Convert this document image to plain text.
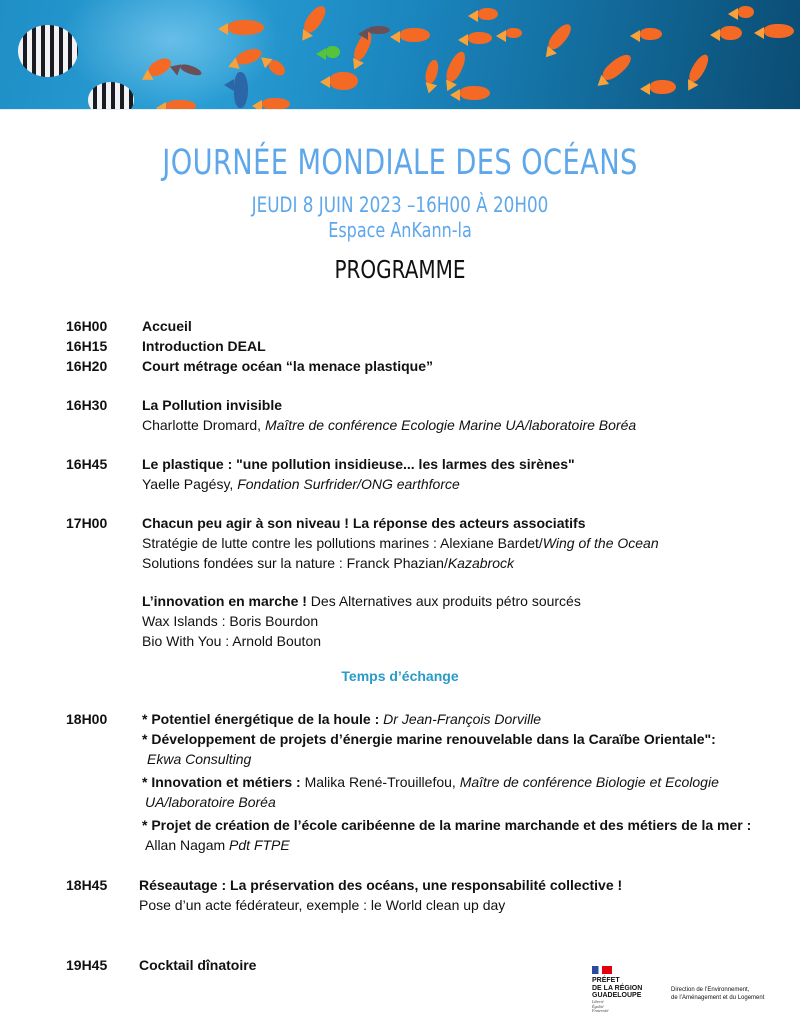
JOURNÉE MONDIALE DES OCÉANS
JEUDI 8 JUIN 2023 –16H00 À 20H00
Espace AnKann-la
PROGRAMME
16H00 Accueil
16H15 Introduction DEAL
16H20 Court métrage océan “la menace plastique”
16H30 La Pollution invisible
Charlotte Dromard, Maître de conférence Ecologie Marine UA/laboratoire Boréa
16H45 Le plastique : "une pollution insidieuse... les larmes des sirènes"
Yaelle Pagésy, Fondation Surfrider/ONG earthforce
17H00 Chacun peu agir à son niveau ! La réponse des acteurs associatifs
Stratégie de lutte contre les pollutions marines : Alexiane Bardet/Wing of the Ocean
Solutions fondées sur la nature : Franck Phazian/Kazabrock
L’innovation en marche ! Des Alternatives aux produits pétro sourcés
Wax Islands : Boris Bourdon
Bio With You : Arnold Bouton
Temps d’échange
18H00 * Potentiel énergétique de la houle : Dr Jean-François Dorville
* Développement de projets d’énergie marine renouvelable dans la Caraïbe Orientale":
Ekwa Consulting
* Innovation et métiers : Malika René-Trouillefou, Maître de conférence Biologie et Ecologie
UA/laboratoire Boréa
* Projet de création de l’école caribéenne de la marine marchande et des métiers de la mer :
Allan Nagam Pdt FTPE
18H45 Réseautage : La préservation des océans, une responsabilité collective !
Pose d’un acte fédérateur, exemple : le World clean up day
19H45 Cocktail dînatoire
PRÉFET
DE LA RÉGION
GUADELOUPE
Liberté
Égalité
Fraternité
Direction de l’Environnement,
de l’Aménagement et du Logement
